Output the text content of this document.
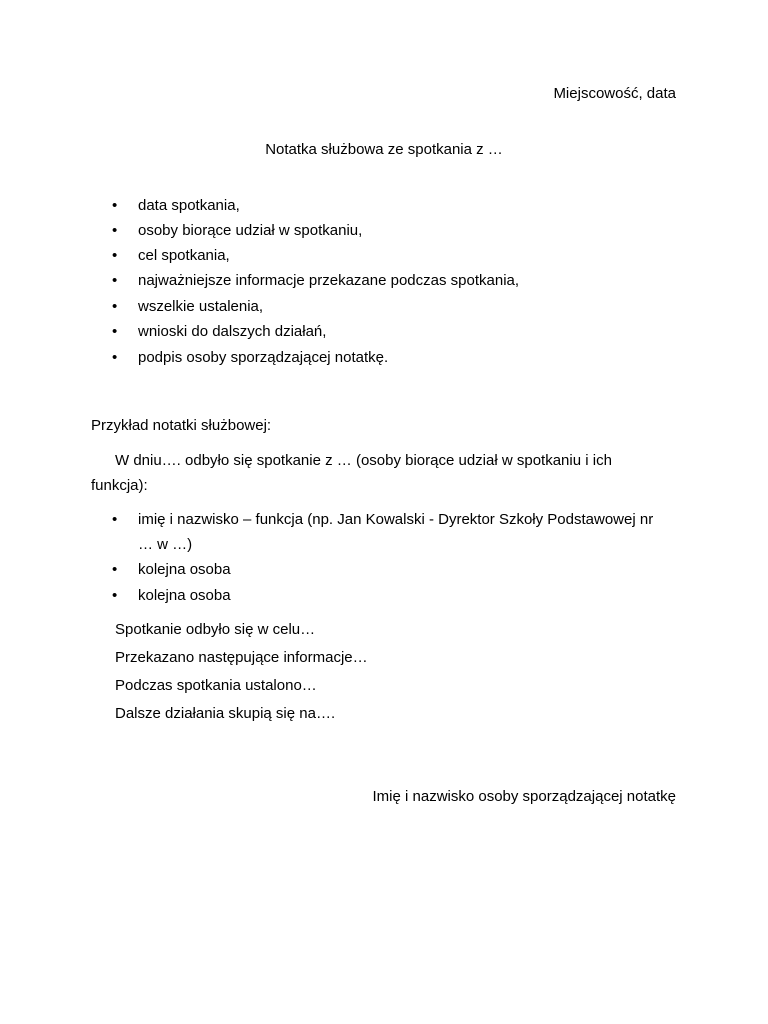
Miejscowość, data
Notatka służbowa ze spotkania z …
• data spotkania,
• osoby biorące udział w spotkaniu,
• cel spotkania,
• najważniejsze informacje przekazane podczas spotkania,
• wszelkie ustalenia,
• wnioski do dalszych działań,
• podpis osoby sporządzającej notatkę.
Przykład notatki służbowej:
W dniu…. odbyło się spotkanie z … (osoby biorące udział w spotkaniu i ich
funkcja):
• imię i nazwisko – funkcja (np. Jan Kowalski - Dyrektor Szkoły Podstawowej nr
… w …)
• kolejna osoba
• kolejna osoba
Spotkanie odbyło się w celu…
Przekazano następujące informacje…
Podczas spotkania ustalono…
Dalsze działania skupią się na….
Imię i nazwisko osoby sporządzającej notatkę
